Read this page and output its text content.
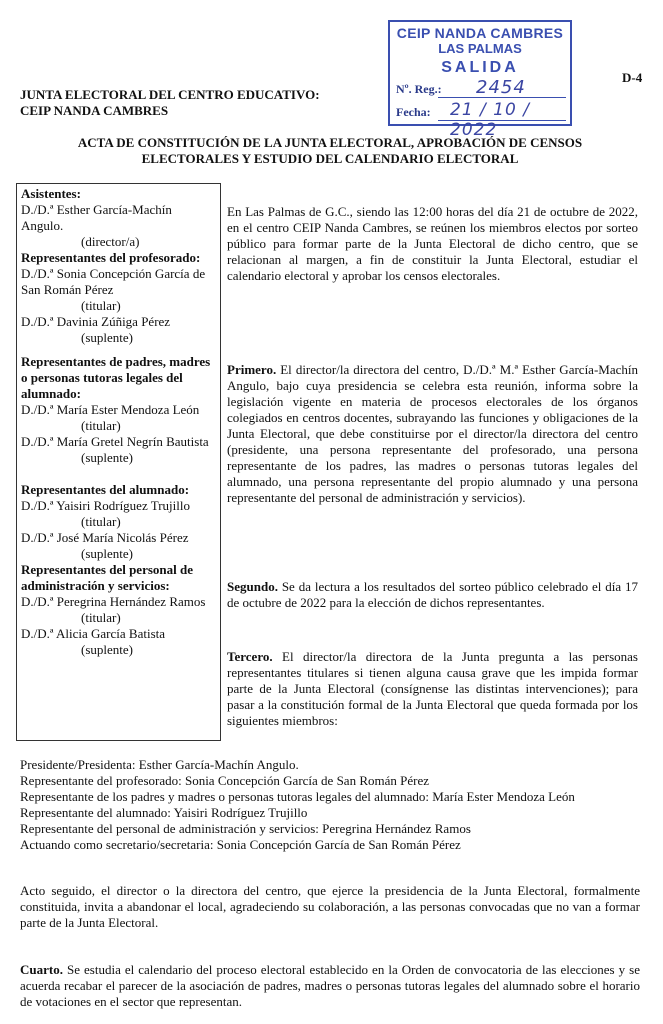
JUNTA ELECTORAL DEL CENTRO EDUCATIVO:
CEIP NANDA CAMBRES
D-4
CEIP NANDA CAMBRES
LAS PALMAS
SALIDA
Nº. Reg.: 2454
Fecha: 21 / 10 / 2022
ACTA DE CONSTITUCIÓN DE LA JUNTA ELECTORAL, APROBACIÓN DE CENSOS
ELECTORALES Y ESTUDIO DEL CALENDARIO ELECTORAL
Asistentes:
D./D.ª Esther García-Machín Angulo.
(director/a)
Representantes del profesorado:
D./D.ª Sonia Concepción García de San Román Pérez
(titular)
D./D.ª Davinia Zúñiga Pérez
(suplente)
Representantes de padres, madres o personas tutoras legales del alumnado:
D./D.ª María Ester Mendoza León
(titular)
D./D.ª María Gretel Negrín Bautista
(suplente)
Representantes del alumnado:
D./D.ª Yaisiri Rodríguez Trujillo
(titular)
D./D.ª José María Nicolás Pérez
(suplente)
Representantes del personal de administración y servicios:
D./D.ª Peregrina Hernández Ramos
(titular)
D./D.ª Alicia García Batista
(suplente)
En Las Palmas de G.C., siendo las 12:00 horas del día 21 de octubre de 2022, en el centro CEIP Nanda Cambres, se reúnen los miembros electos por sorteo público para formar parte de la Junta Electoral de dicho centro, que se relacionan al margen, a fin de constituir la Junta Electoral, estudiar el calendario electoral y aprobar los censos electorales.
Primero. El director/la directora del centro, D./D.ª M.ª Esther García-Machín Angulo, bajo cuya presidencia se celebra esta reunión, informa sobre la legislación vigente en materia de procesos electorales de los órganos colegiados en centros docentes, subrayando las funciones y obligaciones de la Junta Electoral, que debe constituirse por el director/la directora del centro (presidente, una persona representante del profesorado, una persona representante de los padres, las madres o personas tutoras legales del alumnado, una persona representante del propio alumnado y una persona representante del personal de administración y servicios).
Segundo. Se da lectura a los resultados del sorteo público celebrado el día 17 de octubre de 2022 para la elección de dichos representantes.
Tercero. El director/la directora de la Junta pregunta a las personas representantes titulares si tienen alguna causa grave que les impida formar parte de la Junta Electoral (consígnense las distintas intervenciones); para pasar a la constitución formal de la Junta Electoral que queda formada por los siguientes miembros:
Presidente/Presidenta: Esther García-Machín Angulo.
Representante del profesorado: Sonia Concepción García de San Román Pérez
Representante de los padres y madres o personas tutoras legales del alumnado: María Ester Mendoza León
Representante del alumnado: Yaisiri Rodríguez Trujillo
Representante del personal de administración y servicios: Peregrina Hernández Ramos
Actuando como secretario/secretaria: Sonia Concepción García de San Román Pérez
Acto seguido, el director o la directora del centro, que ejerce la presidencia de la Junta Electoral, formalmente constituida, invita a abandonar el local, agradeciendo su colaboración, a las personas convocadas que no van a formar parte de la Junta Electoral.
Cuarto. Se estudia el calendario del proceso electoral establecido en la Orden de convocatoria de las elecciones y se acuerda recabar el parecer de la asociación de padres, madres o personas tutoras legales del alumnado sobre el horario de votaciones en el sector que representan.
